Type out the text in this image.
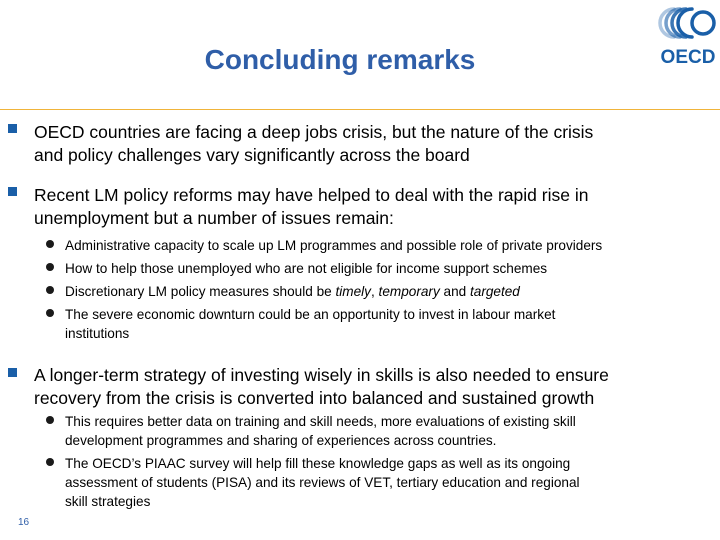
Concluding remarks	OECD

OECD countries are facing a deep jobs crisis, but the nature of the crisis

and policy challenges vary significantly across the board

Recent LM policy reforms may have helped to deal with the rapid rise in

unemployment but a number of issues remain:

Administrative capacity to scale up LM programmes and possible role of private providers

How to help those unemployed who are not eligible for income support schemes

Discretionary LM policy measures should be timely, temporary and targeted

The severe economic downturn could be an opportunity to invest in labour market

institutions

A longer-term strategy of investing wisely in skills is also needed to ensure

recovery from the crisis is converted into balanced and sustained growth

This requires better data on training and skill needs, more evaluations of existing skill

development programmes and sharing of experiences across countries.

The OECD’s PIAAC survey will help fill these knowledge gaps as well as its ongoing

assessment of students (PISA) and its reviews of VET, tertiary education and regional

skill strategies

16
